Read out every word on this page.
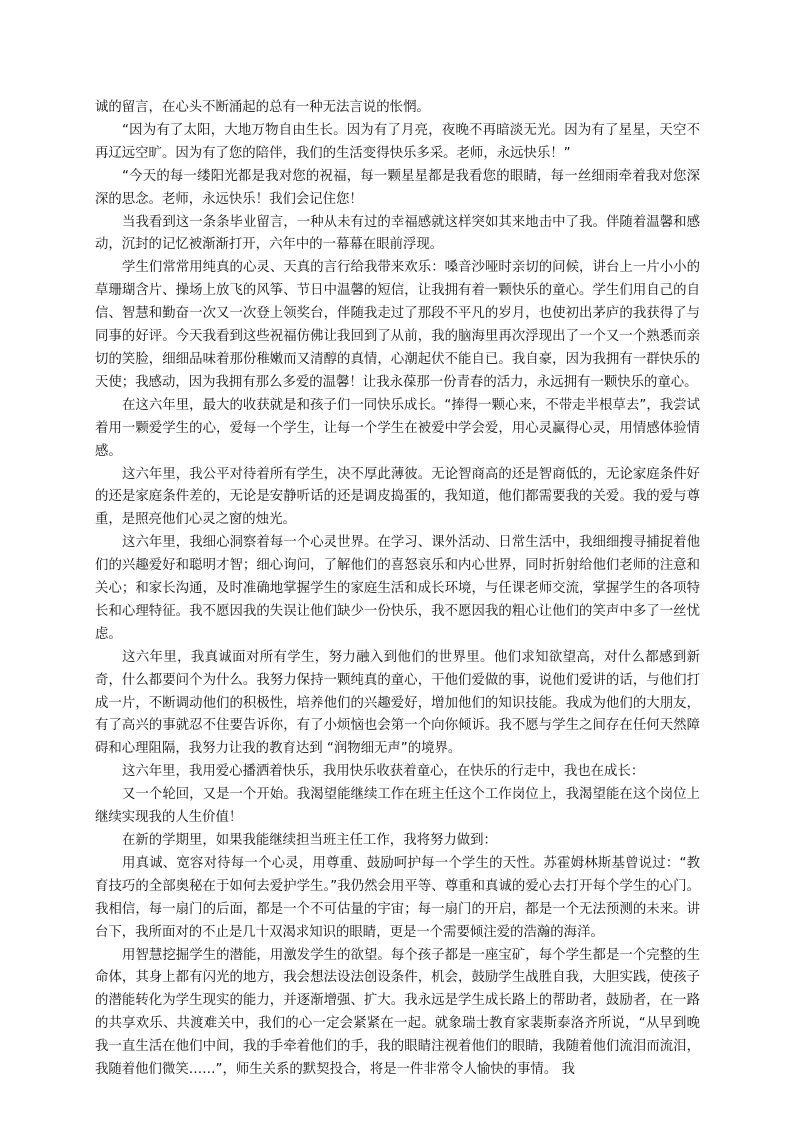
诚的留言，在心头不断涌起的总有一种无法言说的怅惘。

“因为有了太阳，大地万物自由生长。因为有了月亮，夜晚不再暗淡无光。因为有了星星，天空不再辽远空旷。因为有了您的陪伴，我们的生活变得快乐多采。老师，永远快乐！”

“今天的每一缕阳光都是我对您的祝福，每一颗星星都是我看您的眼睛，每一丝细雨牵着我对您深深的思念。老师，永远快乐！我们会记住您！

当我看到这一条条毕业留言，一种从未有过的幸福感就这样突如其来地击中了我。伴随着温馨和感动，沉封的记忆被渐渐打开，六年中的一幕幕在眼前浮现。

学生们常常用纯真的心灵、天真的言行给我带来欢乐：嗓音沙哑时亲切的问候，讲台上一片小小的草珊瑚含片、操场上放飞的风筝、节日中温馨的短信，让我拥有着一颗快乐的童心。学生们用自己的自信、智慧和勤奋一次又一次登上领奖台，伴随我走过了那段不平凡的岁月，也使初出茅庐的我获得了与同事的好评。今天我看到这些祝福仿佛让我回到了从前，我的脑海里再次浮现出了一个又一个熟悉而亲切的笑脸，细细品味着那份稚嫩而又清醇的真情，心潮起伏不能自已。我自豪，因为我拥有一群快乐的天使；我感动，因为我拥有那么多爱的温馨！让我永葆那一份青春的活力，永远拥有一颗快乐的童心。

在这六年里，最大的收获就是和孩子们一同快乐成长。“捧得一颗心来，不带走半根草去”，我尝试着用一颗爱学生的心，爱每一个学生，让每一个学生在被爱中学会爱，用心灵赢得心灵，用情感体验情感。

这六年里，我公平对待着所有学生，决不厚此薄彼。无论智商高的还是智商低的，无论家庭条件好的还是家庭条件差的，无论是安静听话的还是调皮捣蛋的，我知道，他们都需要我的关爱。我的爱与尊重，是照亮他们心灵之窗的烛光。

这六年里，我细心洞察着每一个心灵世界。在学习、课外活动、日常生活中，我细细搜寻捕捉着他们的兴趣爱好和聪明才智；细心询问，了解他们的喜怒哀乐和内心世界，同时折射给他们老师的注意和关心；和家长沟通，及时准确地掌握学生的家庭生活和成长环境，与任课老师交流，掌握学生的各项特长和心理特征。我不愿因我的失误让他们缺少一份快乐，我不愿因我的粗心让他们的笑声中多了一丝忧虑。

这六年里，我真诚面对所有学生，努力融入到他们的世界里。他们求知欲望高，对什么都感到新奇，什么都要问个为什么。我努力保持一颗纯真的童心，干他们爱做的事，说他们爱讲的话，与他们打成一片，不断调动他们的积极性，培养他们的兴趣爱好，增加他们的知识技能。我成为他们的大朋友，有了高兴的事就忍不住要告诉你，有了小烦恼也会第一个向你倾诉。我不愿与学生之间存在任何天然障碍和心理阻隔，我努力让我的教育达到 “润物细无声”的境界。

这六年里，我用爱心播洒着快乐，我用快乐收获着童心，在快乐的行走中，我也在成长：

又一个轮回，又是一个开始。我渴望能继续工作在班主任这个工作岗位上，我渴望能在这个岗位上继续实现我的人生价值！

在新的学期里，如果我能继续担当班主任工作，我将努力做到：

用真诚、宽容对待每一个心灵，用尊重、鼓励呵护每一个学生的天性。苏霍姆林斯基曾说过：“教育技巧的全部奥秘在于如何去爱护学生。”我仍然会用平等、尊重和真诚的爱心去打开每个学生的心门。我相信，每一扇门的后面，都是一个不可估量的宇宙；每一扇门的开启，都是一个无法预测的未来。讲台下，我所面对的不止是几十双渴求知识的眼睛，更是一个需要倾注爱的浩瀚的海洋。

用智慧挖掘学生的潜能，用激发学生的欲望。每个孩子都是一座宝矿，每个学生都是一个完整的生命体，其身上都有闪光的地方，我会想法设法创设条件，机会，鼓励学生战胜自我，大胆实践，使孩子的潜能转化为学生现实的能力，并逐渐增强、扩大。我永远是学生成长路上的帮助者，鼓励者，在一路的共享欢乐、共渡难关中，我们的心一定会紧紧在一起。就象瑞士教育家裴斯泰洛齐所说，“从早到晚我一直生活在他们中间，我的手牵着他们的手，我的眼睛注视着他们的眼睛，我随着他们流泪而流泪，我随着他们微笑……”，师生关系的默契投合，将是一件非常令人愉快的事情。 我
